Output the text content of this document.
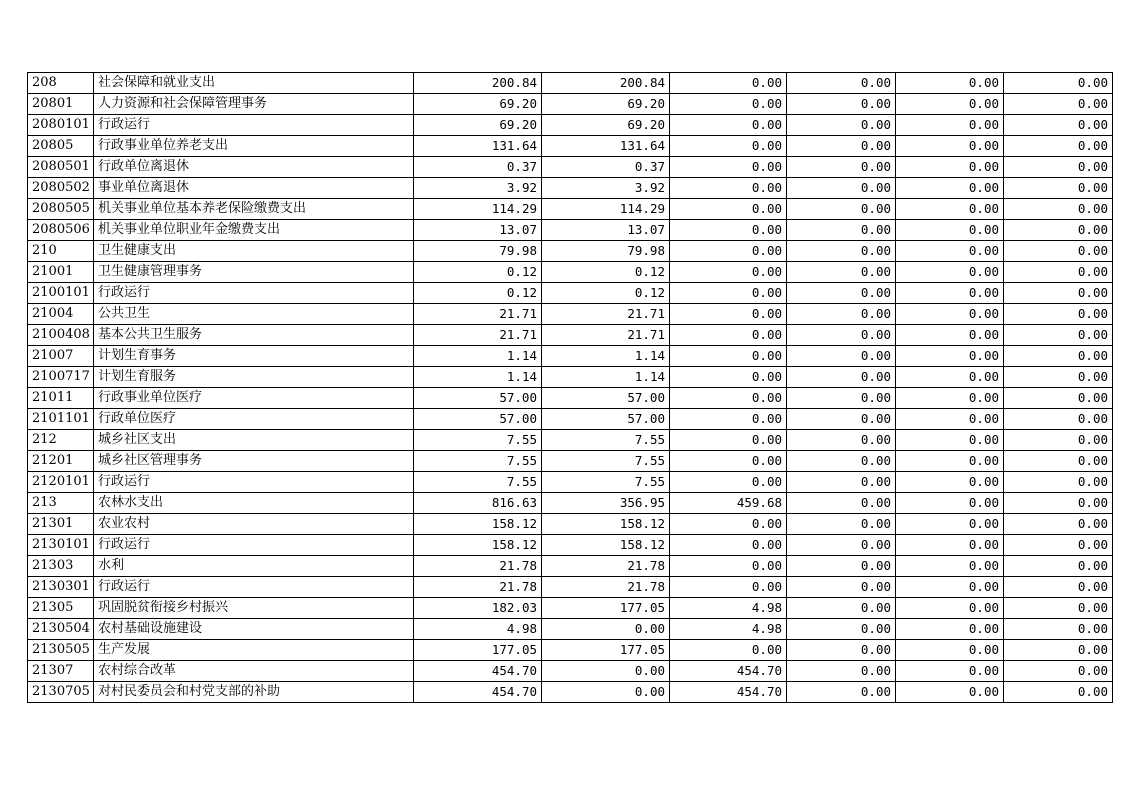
208	社会保障和就业支出	200.84	200.84	0.00	0.00	0.00	0.00
20801	人力资源和社会保障管理事务	69.20	69.20	0.00	0.00	0.00	0.00
2080101	行政运行	69.20	69.20	0.00	0.00	0.00	0.00
20805	行政事业单位养老支出	131.64	131.64	0.00	0.00	0.00	0.00
2080501	行政单位离退休	0.37	0.37	0.00	0.00	0.00	0.00
2080502	事业单位离退休	3.92	3.92	0.00	0.00	0.00	0.00
2080505	机关事业单位基本养老保险缴费支出	114.29	114.29	0.00	0.00	0.00	0.00
2080506	机关事业单位职业年金缴费支出	13.07	13.07	0.00	0.00	0.00	0.00
210	卫生健康支出	79.98	79.98	0.00	0.00	0.00	0.00
21001	卫生健康管理事务	0.12	0.12	0.00	0.00	0.00	0.00
2100101	行政运行	0.12	0.12	0.00	0.00	0.00	0.00
21004	公共卫生	21.71	21.71	0.00	0.00	0.00	0.00
2100408	基本公共卫生服务	21.71	21.71	0.00	0.00	0.00	0.00
21007	计划生育事务	1.14	1.14	0.00	0.00	0.00	0.00
2100717	计划生育服务	1.14	1.14	0.00	0.00	0.00	0.00
21011	行政事业单位医疗	57.00	57.00	0.00	0.00	0.00	0.00
2101101	行政单位医疗	57.00	57.00	0.00	0.00	0.00	0.00
212	城乡社区支出	7.55	7.55	0.00	0.00	0.00	0.00
21201	城乡社区管理事务	7.55	7.55	0.00	0.00	0.00	0.00
2120101	行政运行	7.55	7.55	0.00	0.00	0.00	0.00
213	农林水支出	816.63	356.95	459.68	0.00	0.00	0.00
21301	农业农村	158.12	158.12	0.00	0.00	0.00	0.00
2130101	行政运行	158.12	158.12	0.00	0.00	0.00	0.00
21303	水利	21.78	21.78	0.00	0.00	0.00	0.00
2130301	行政运行	21.78	21.78	0.00	0.00	0.00	0.00
21305	巩固脱贫衔接乡村振兴	182.03	177.05	4.98	0.00	0.00	0.00
2130504	农村基础设施建设	4.98	0.00	4.98	0.00	0.00	0.00
2130505	生产发展	177.05	177.05	0.00	0.00	0.00	0.00
21307	农村综合改革	454.70	0.00	454.70	0.00	0.00	0.00
2130705	对村民委员会和村党支部的补助	454.70	0.00	454.70	0.00	0.00	0.00
